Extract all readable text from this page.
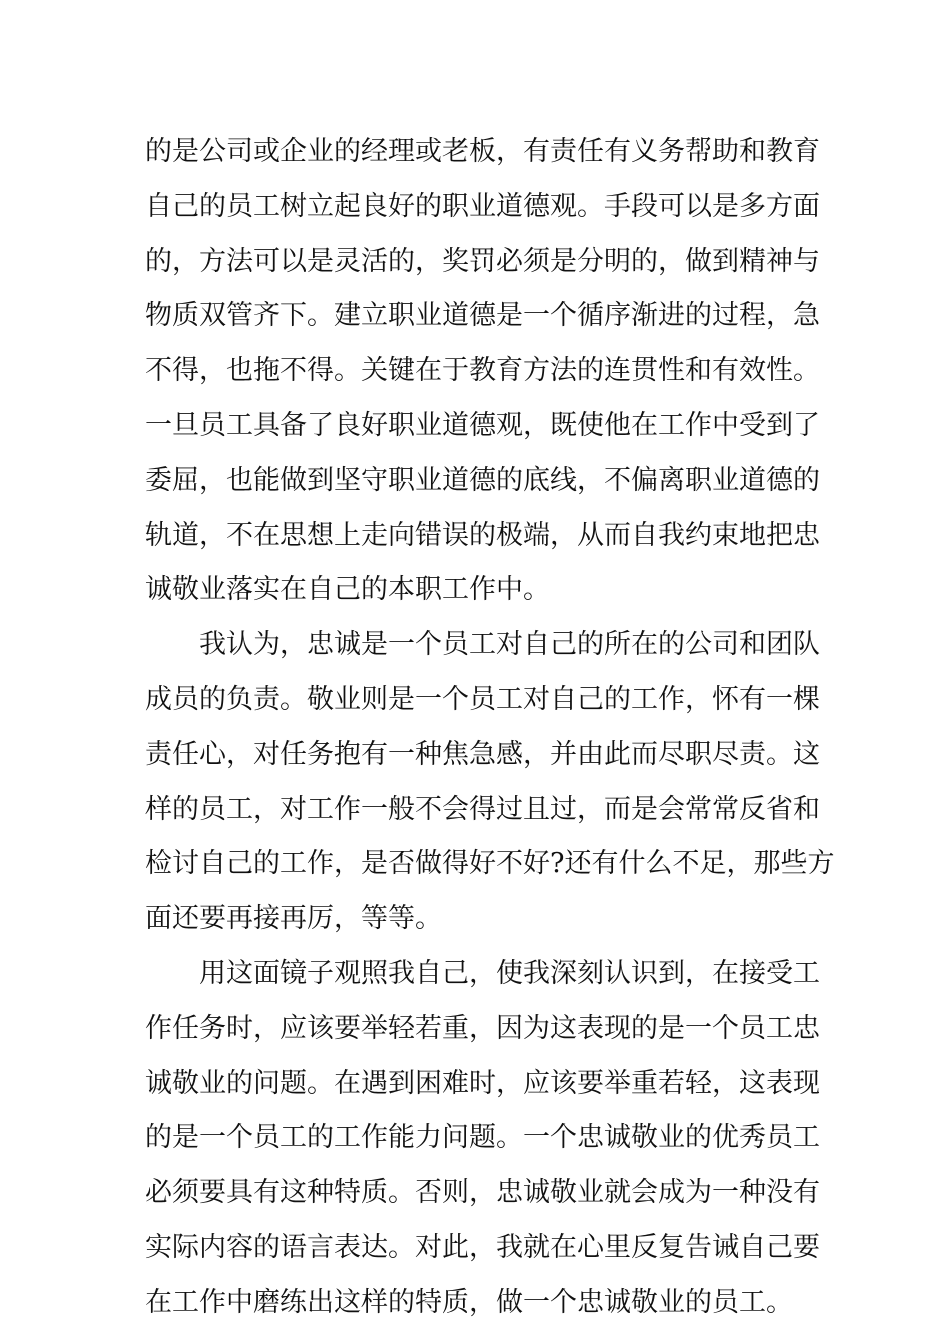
的是公司或企业的经理或老板，有责任有义务帮助和教育
自己的员工树立起良好的职业道德观。手段可以是多方面
的，方法可以是灵活的，奖罚必须是分明的，做到精神与
物质双管齐下。建立职业道德是一个循序渐进的过程，急
不得，也拖不得。关键在于教育方法的连贯性和有效性。
一旦员工具备了良好职业道德观，既使他在工作中受到了
委屈，也能做到坚守职业道德的底线，不偏离职业道德的
轨道，不在思想上走向错误的极端，从而自我约束地把忠
诚敬业落实在自己的本职工作中。
我认为，忠诚是一个员工对自己的所在的公司和团队
成员的负责。敬业则是一个员工对自己的工作，怀有一棵
责任心，对任务抱有一种焦急感，并由此而尽职尽责。这
样的员工，对工作一般不会得过且过，而是会常常反省和
检讨自己的工作，是否做得好不好?还有什么不足，那些方
面还要再接再厉，等等。
用这面镜子观照我自己，使我深刻认识到，在接受工
作任务时，应该要举轻若重，因为这表现的是一个员工忠
诚敬业的问题。在遇到困难时，应该要举重若轻，这表现
的是一个员工的工作能力问题。一个忠诚敬业的优秀员工
必须要具有这种特质。否则，忠诚敬业就会成为一种没有
实际内容的语言表达。对此，我就在心里反复告诫自己要
在工作中磨练出这样的特质，做一个忠诚敬业的员工。
